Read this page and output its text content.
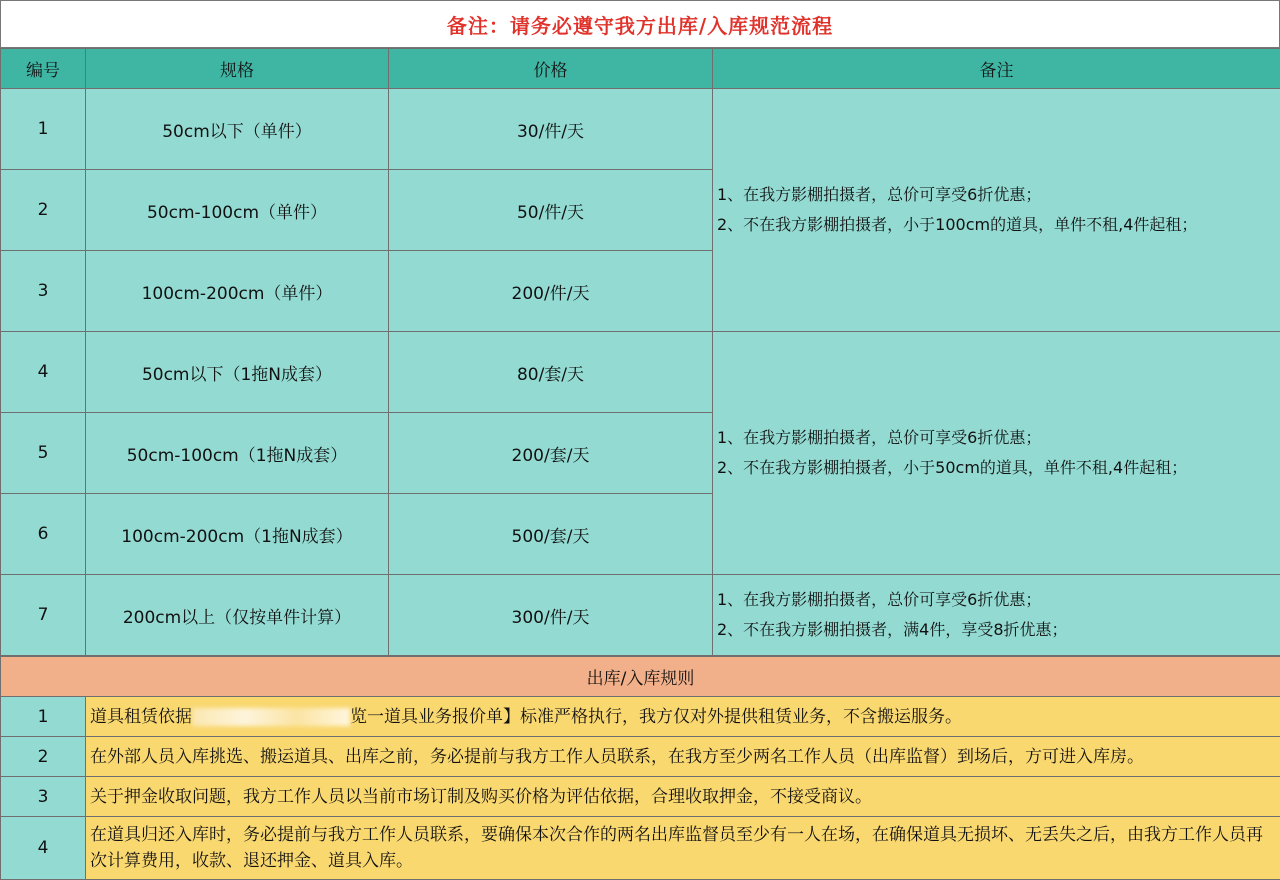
备注：请务必遵守我方出库/入库规范流程
编号	规格	价格	备注
1	50cm以下（单件）	30/件/天	1、在我方影棚拍摄者，总价可享受6折优惠；
2、不在我方影棚拍摄者，小于100cm的道具，单件不租,4件起租；

2	50cm-100cm（单件）	50/件/天	
3	100cm-200cm（单件）	200/件/天	
4	50cm以下（1拖N成套）	80/套/天	1、在我方影棚拍摄者，总价可享受6折优惠；
2、不在我方影棚拍摄者，小于50cm的道具，单件不租,4件起租；

5	50cm-100cm（1拖N成套）	200/套/天	
6	100cm-200cm（1拖N成套）	500/套/天	
7	200cm以上（仅按单件计算）	300/件/天	1、在我方影棚拍摄者，总价可享受6折优惠；
2、不在我方影棚拍摄者，满4件，享受8折优惠；
出库/入库规则	
1	道具租赁依据 览一道具业务报价单】标准严格执行，我方仅对外提供租赁业务，不含搬运服务。
2	在外部人员入库挑选、搬运道具、出库之前，务必提前与我方工作人员联系，在我方至少两名工作人员（出库监督）到场后，方可进入库房。
3	关于押金收取问题，我方工作人员以当前市场订制及购买价格为评估依据，合理收取押金，不接受商议。
4	在道具归还入库时，务必提前与我方工作人员联系，要确保本次合作的两名出库监督员至少有一人在场，在确保道具无损坏、无丢失之后，由我方工作人员再次计算费用，收款、退还押金、道具入库。
